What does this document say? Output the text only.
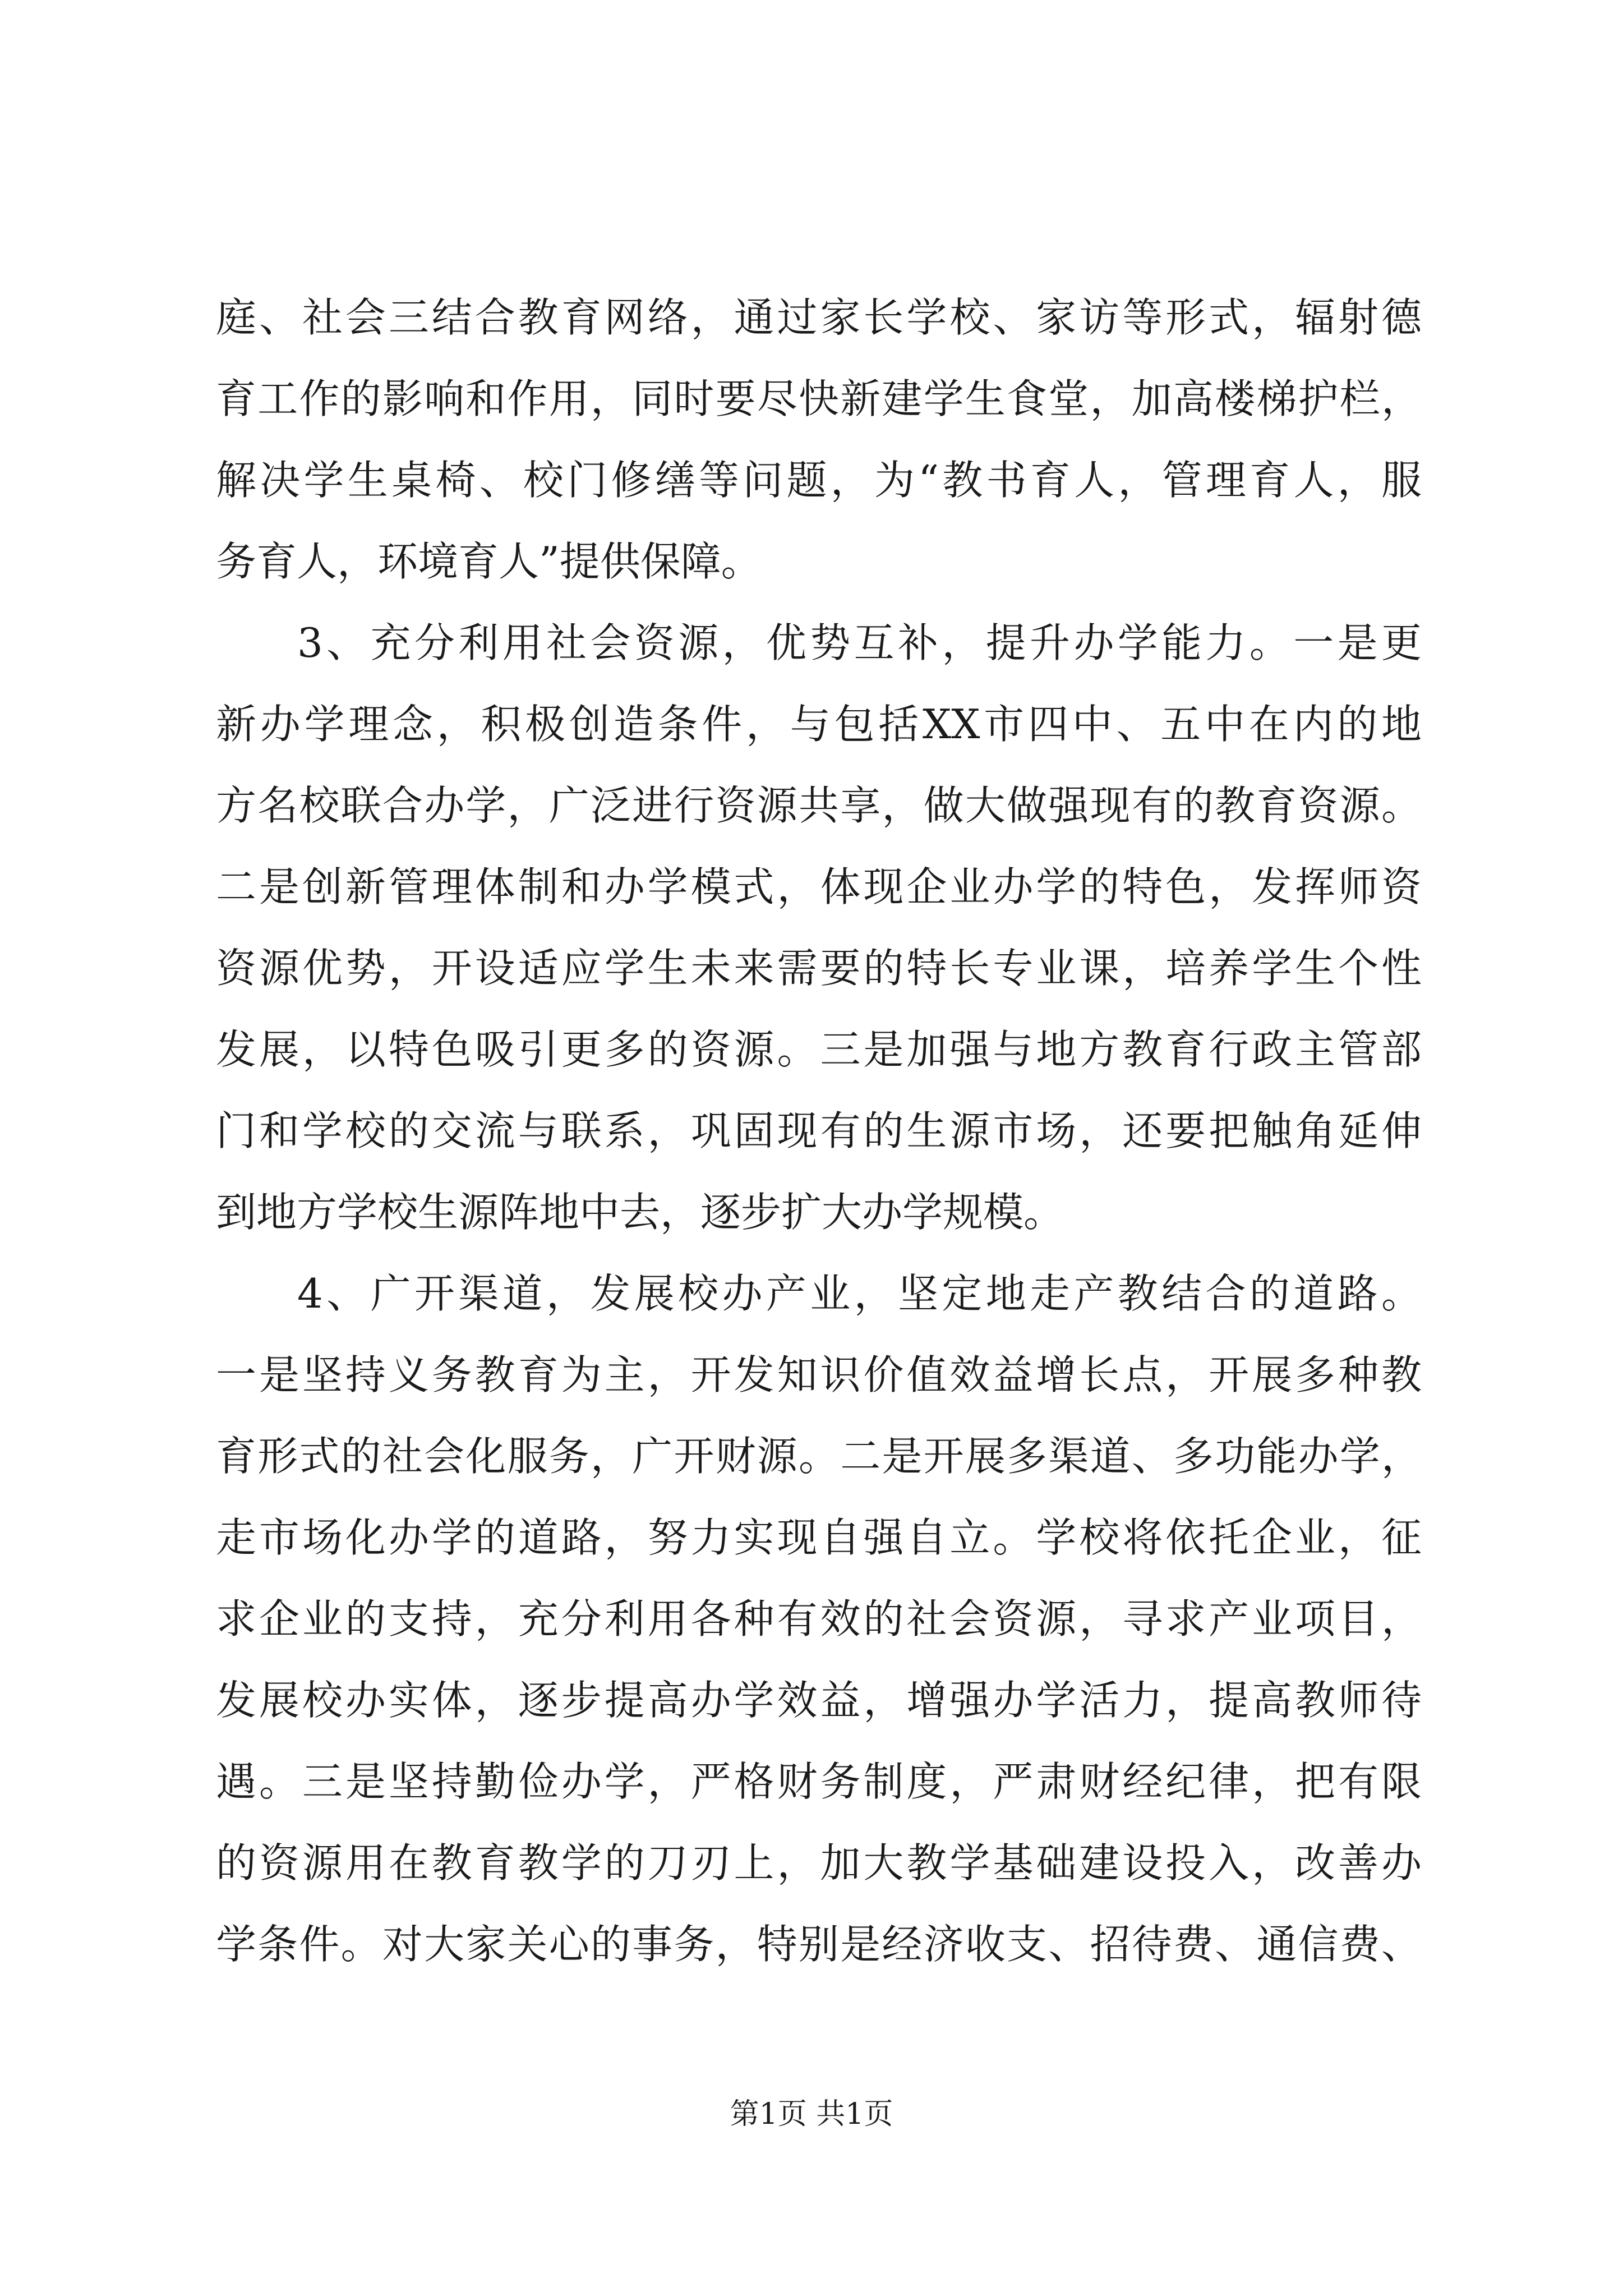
庭、社会三结合教育网络，通过家长学校、家访等形式，辐射德
育工作的影响和作用，同时要尽快新建学生食堂，加高楼梯护栏，
解决学生桌椅、校门修缮等问题，为“教书育人，管理育人，服
务育人，环境育人”提供保障。
3、充分利用社会资源，优势互补，提升办学能力。一是更
新办学理念，积极创造条件，与包括XX市四中、五中在内的地
方名校联合办学，广泛进行资源共享，做大做强现有的教育资源。
二是创新管理体制和办学模式，体现企业办学的特色，发挥师资
资源优势，开设适应学生未来需要的特长专业课，培养学生个性
发展，以特色吸引更多的资源。三是加强与地方教育行政主管部
门和学校的交流与联系，巩固现有的生源市场，还要把触角延伸
到地方学校生源阵地中去，逐步扩大办学规模。
4、广开渠道，发展校办产业，坚定地走产教结合的道路。
一是坚持义务教育为主，开发知识价值效益增长点，开展多种教
育形式的社会化服务，广开财源。二是开展多渠道、多功能办学，
走市场化办学的道路，努力实现自强自立。学校将依托企业，征
求企业的支持，充分利用各种有效的社会资源，寻求产业项目，
发展校办实体，逐步提高办学效益，增强办学活力，提高教师待
遇。三是坚持勤俭办学，严格财务制度，严肃财经纪律，把有限
的资源用在教育教学的刀刃上，加大教学基础建设投入，改善办
学条件。对大家关心的事务，特别是经济收支、招待费、通信费、
第1页 共1页
